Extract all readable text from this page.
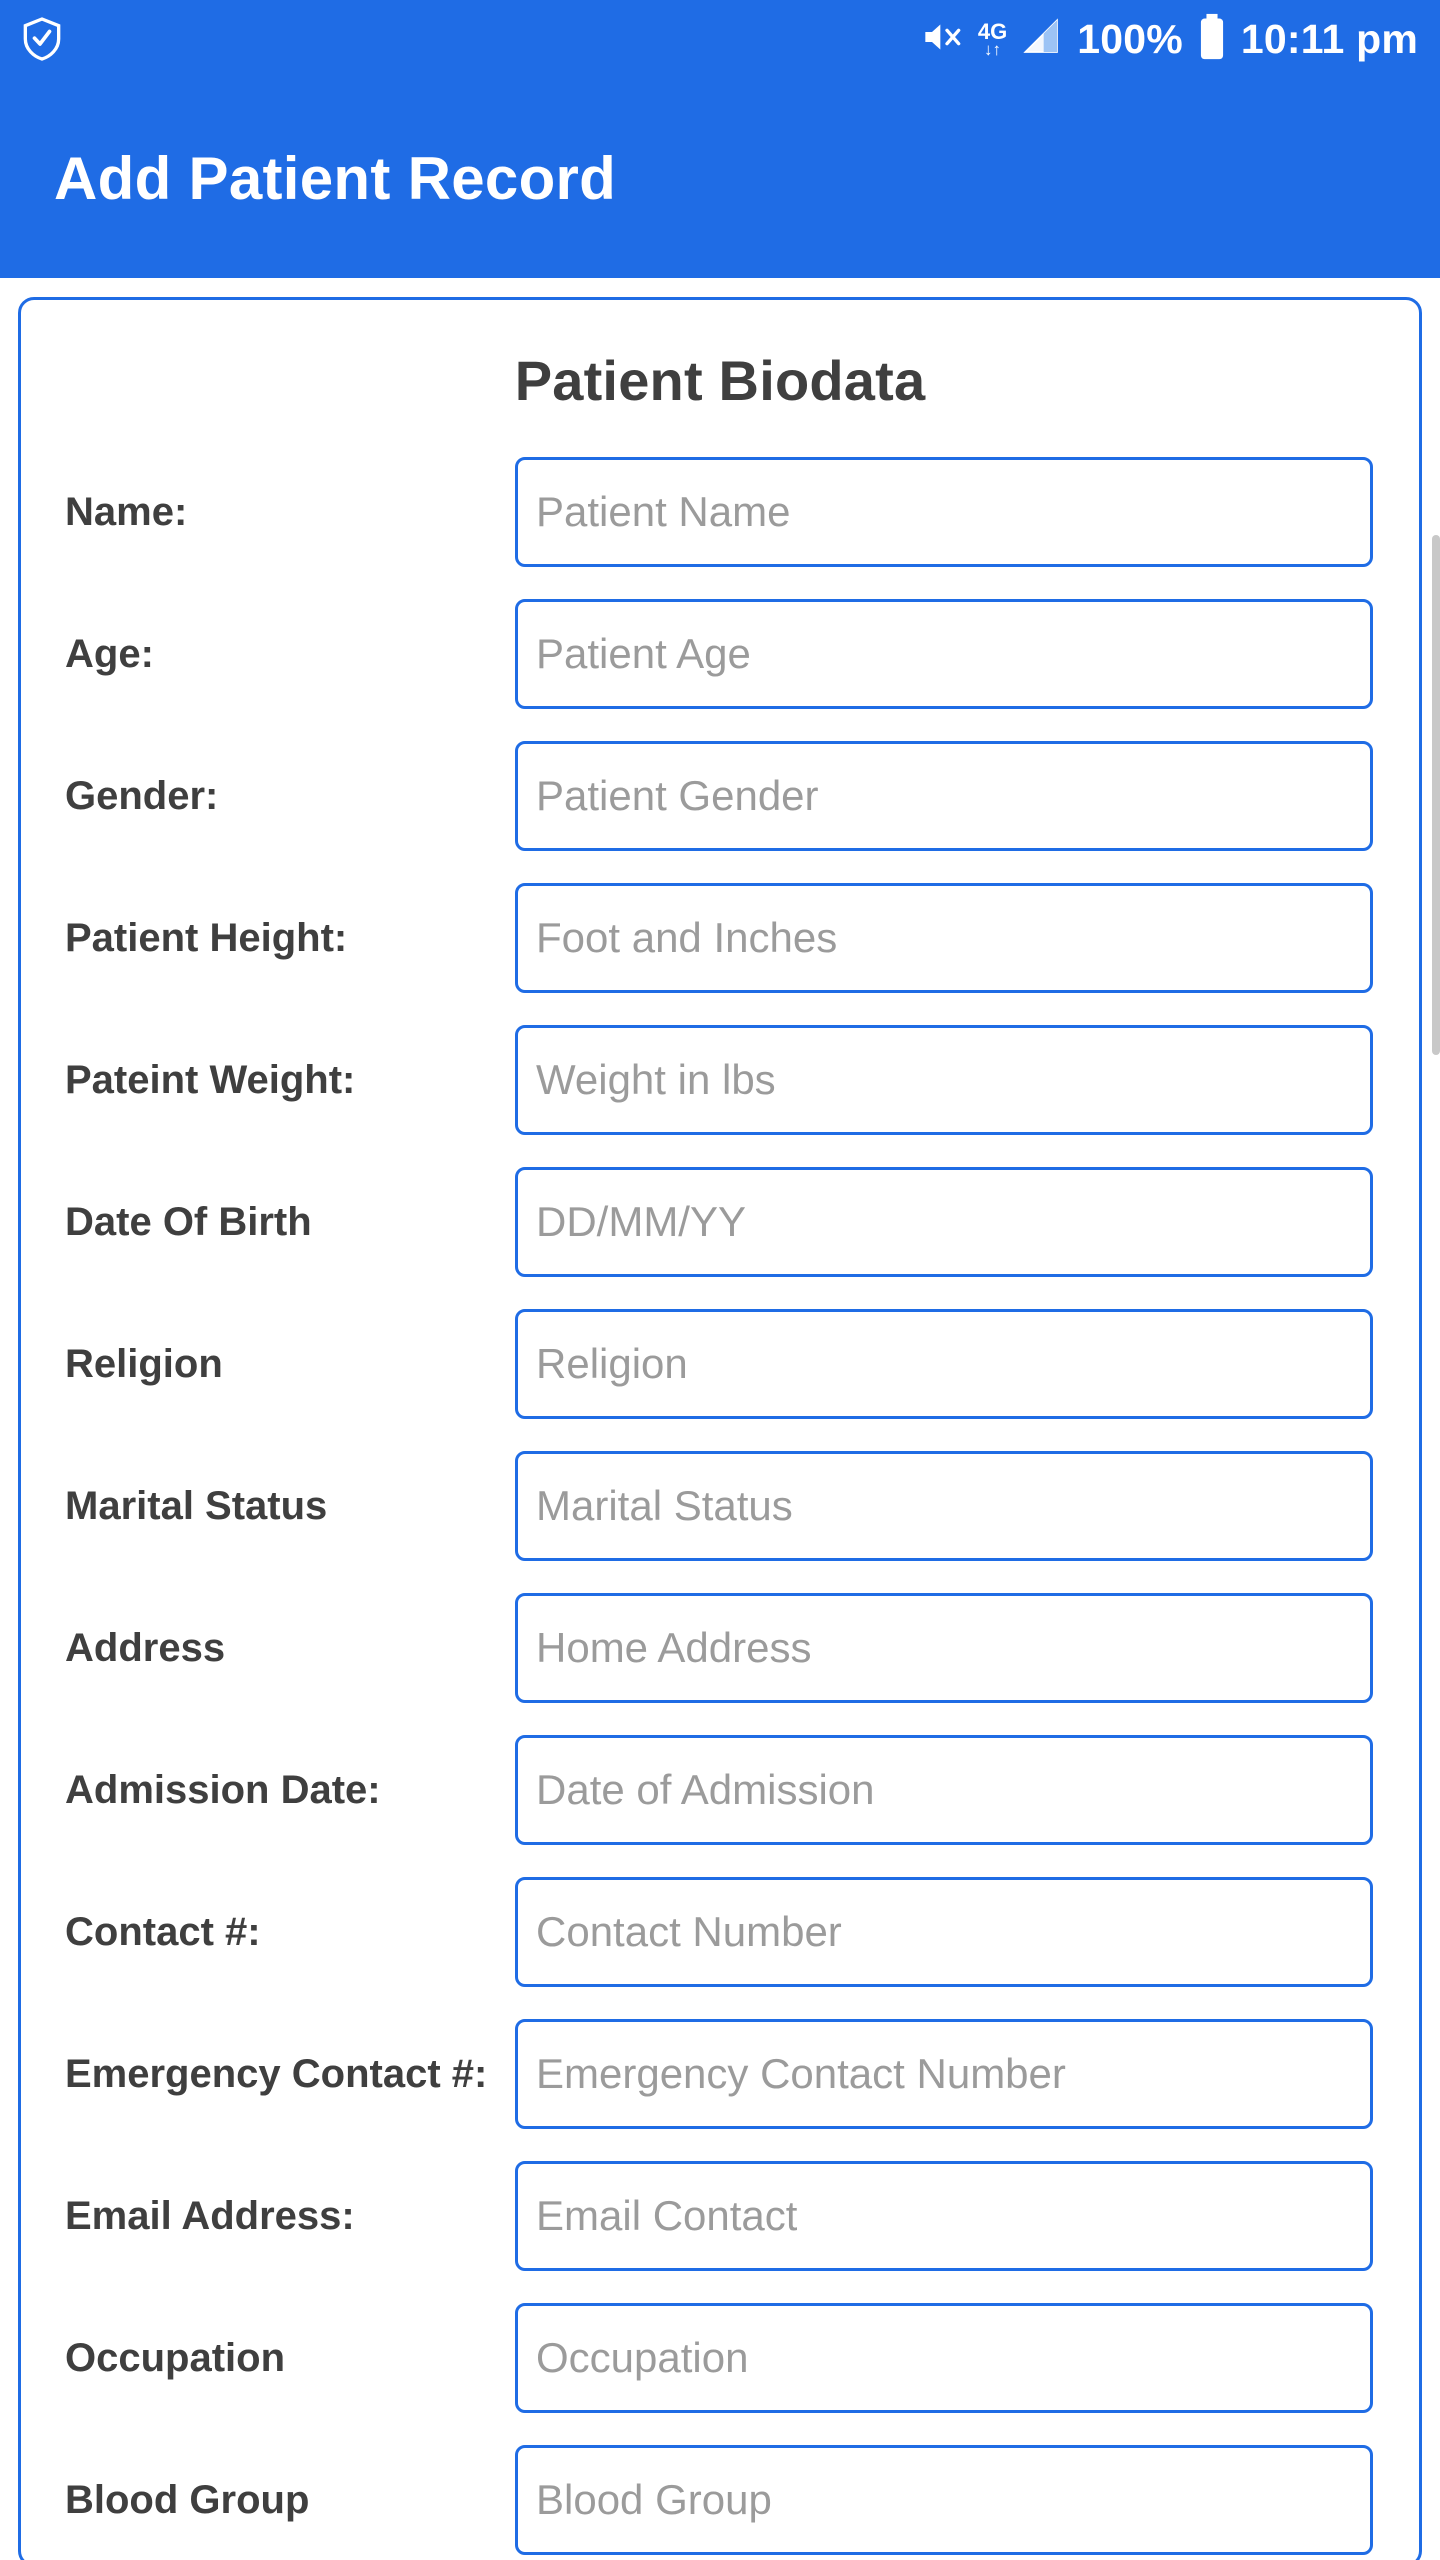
4G
↓↑ 100% 10:11 pm
Add Patient Record
Patient Biodata
Name:	Patient Name
Age:	Patient Age
Gender:	Patient Gender
Patient Height:	Foot and Inches
Pateint Weight:	Weight in lbs
Date Of Birth	DD/MM/YY
Religion	Religion
Marital Status	Marital Status
Address	Home Address
Admission Date:	Date of Admission
Contact #:	Contact Number
Emergency Contact #:	Emergency Contact Number
Email Address:	Email Contact
Occupation	Occupation
Blood Group	Blood Group
